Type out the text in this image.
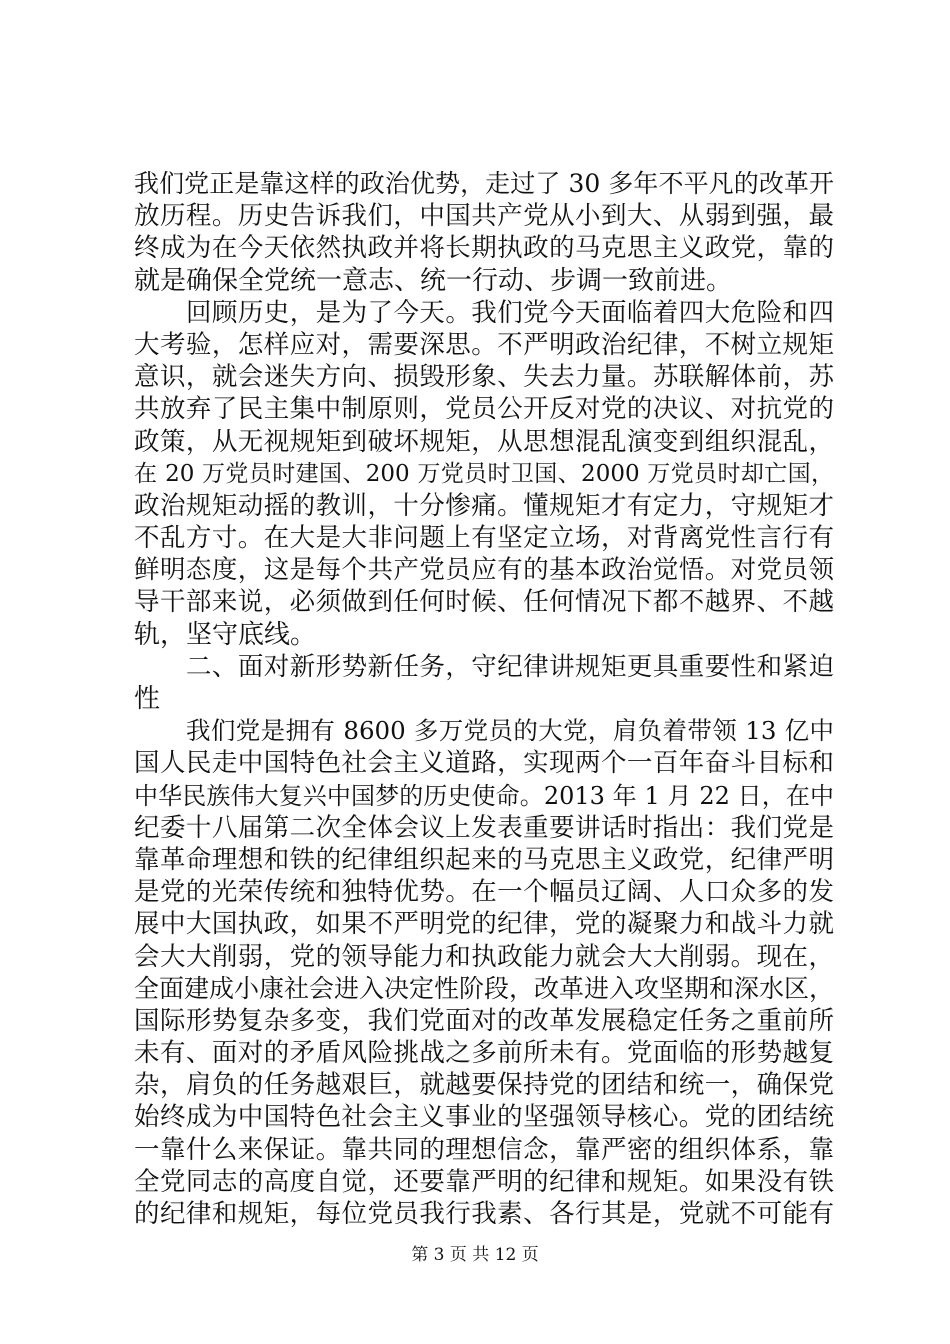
我们党正是靠这样的政治优势，走过了 30 多年不平凡的改革开
放历程。历史告诉我们，中国共产党从小到大、从弱到强，最
终成为在今天依然执政并将长期执政的马克思主义政党，靠的
就是确保全党统一意志、统一行动、步调一致前进。
回顾历史，是为了今天。我们党今天面临着四大危险和四
大考验，怎样应对，需要深思。不严明政治纪律，不树立规矩
意识，就会迷失方向、损毁形象、失去力量。苏联解体前，苏
共放弃了民主集中制原则，党员公开反对党的决议、对抗党的
政策，从无视规矩到破坏规矩，从思想混乱演变到组织混乱，
在 20 万党员时建国、200 万党员时卫国、2000 万党员时却亡国，
政治规矩动摇的教训，十分惨痛。懂规矩才有定力，守规矩才
不乱方寸。在大是大非问题上有坚定立场，对背离党性言行有
鲜明态度，这是每个共产党员应有的基本政治觉悟。对党员领
导干部来说，必须做到任何时候、任何情况下都不越界、不越
轨，坚守底线。
二、面对新形势新任务，守纪律讲规矩更具重要性和紧迫
性
我们党是拥有 8600 多万党员的大党，肩负着带领 13 亿中
国人民走中国特色社会主义道路，实现两个一百年奋斗目标和
中华民族伟大复兴中国梦的历史使命。2013 年 1 月 22 日，在中
纪委十八届第二次全体会议上发表重要讲话时指出：我们党是
靠革命理想和铁的纪律组织起来的马克思主义政党，纪律严明
是党的光荣传统和独特优势。在一个幅员辽阔、人口众多的发
展中大国执政，如果不严明党的纪律，党的凝聚力和战斗力就
会大大削弱，党的领导能力和执政能力就会大大削弱。现在，
全面建成小康社会进入决定性阶段，改革进入攻坚期和深水区，
国际形势复杂多变，我们党面对的改革发展稳定任务之重前所
未有、面对的矛盾风险挑战之多前所未有。党面临的形势越复
杂，肩负的任务越艰巨，就越要保持党的团结和统一，确保党
始终成为中国特色社会主义事业的坚强领导核心。党的团结统
一靠什么来保证。靠共同的理想信念，靠严密的组织体系，靠
全党同志的高度自觉，还要靠严明的纪律和规矩。如果没有铁
的纪律和规矩，每位党员我行我素、各行其是，党就不可能有
第 3 页 共 12 页
